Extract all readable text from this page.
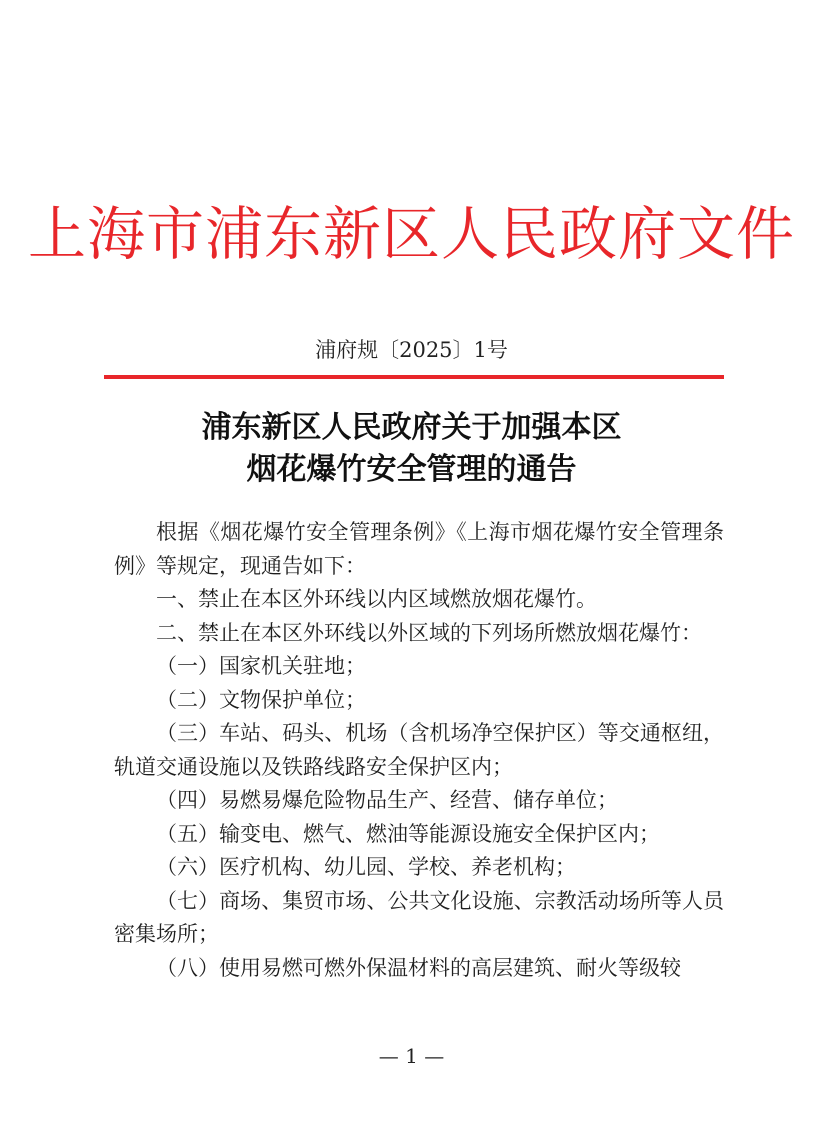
上海市浦东新区人民政府文件
浦府规〔2025〕1号
浦东新区人民政府关于加强本区
烟花爆竹安全管理的通告

根据《烟花爆竹安全管理条例》《上海市烟花爆竹安全管理条例》等规定，现通告如下：

一、禁止在本区外环线以内区域燃放烟花爆竹。

二、禁止在本区外环线以外区域的下列场所燃放烟花爆竹：

（一）国家机关驻地；

（二）文物保护单位；

（三）车站、码头、机场（含机场净空保护区）等交通枢纽，轨道交通设施以及铁路线路安全保护区内；

（四）易燃易爆危险物品生产、经营、储存单位；

（五）输变电、燃气、燃油等能源设施安全保护区内；

（六）医疗机构、幼儿园、学校、养老机构；

（七）商场、集贸市场、公共文化设施、宗教活动场所等人员密集场所；

（八）使用易燃可燃外保温材料的高层建筑、耐火等级较

— 1 —
